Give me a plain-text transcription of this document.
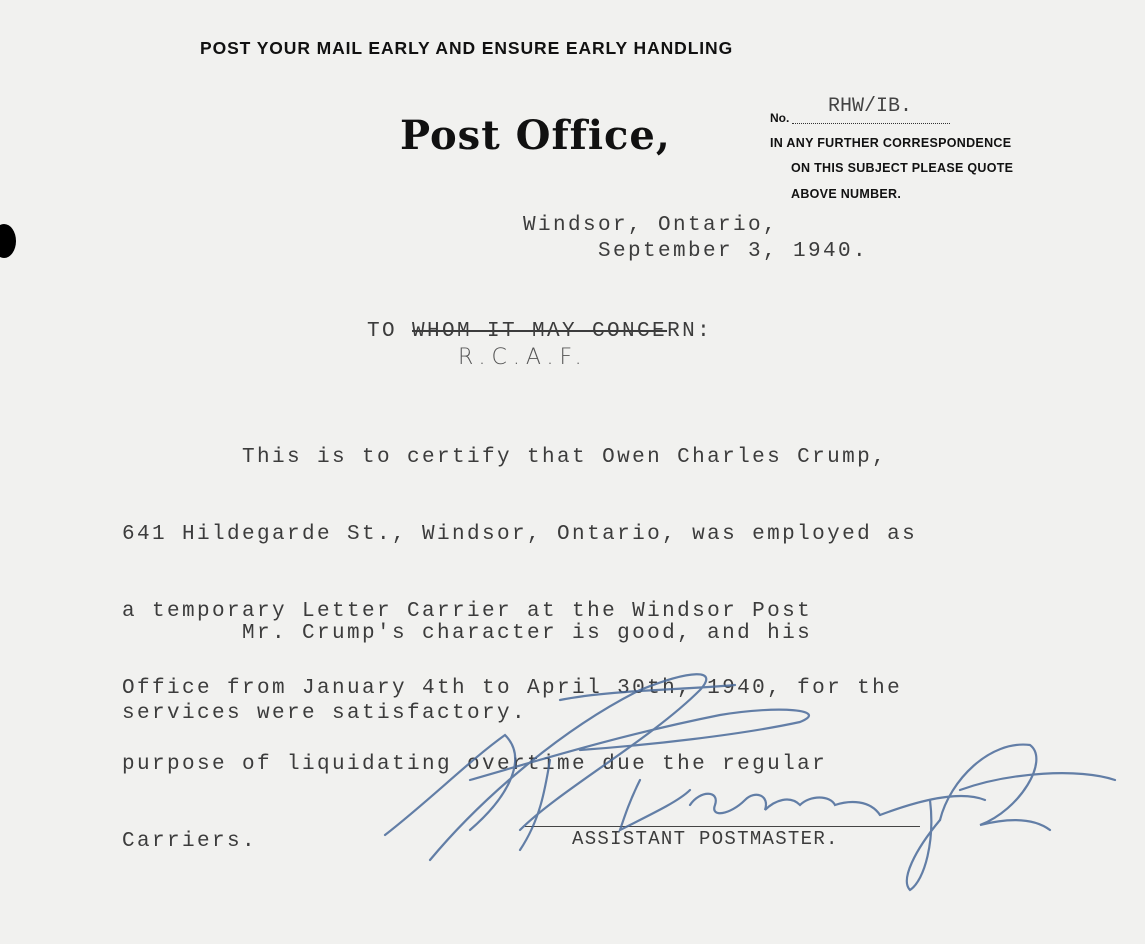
POST YOUR MAIL EARLY AND ENSURE EARLY HANDLING
Post Office,	No. RHW/IB.
IN ANY FURTHER CORRESPONDENCE
ON THIS SUBJECT PLEASE QUOTE
ABOVE NUMBER.
Windsor, Ontario,
September 3, 1940.
TO WHOM IT MAY CONCERN:
R.C.A.F.

This is to certify that Owen Charles Crump,

641 Hildegarde St., Windsor, Ontario, was employed as

a temporary Letter Carrier at the Windsor Post

Office from January 4th to April 30th, 1940, for the

purpose of liquidating overtime due the regular

Carriers.

Mr. Crump's character is good, and his

services were satisfactory.

ASSISTANT POSTMASTER.
